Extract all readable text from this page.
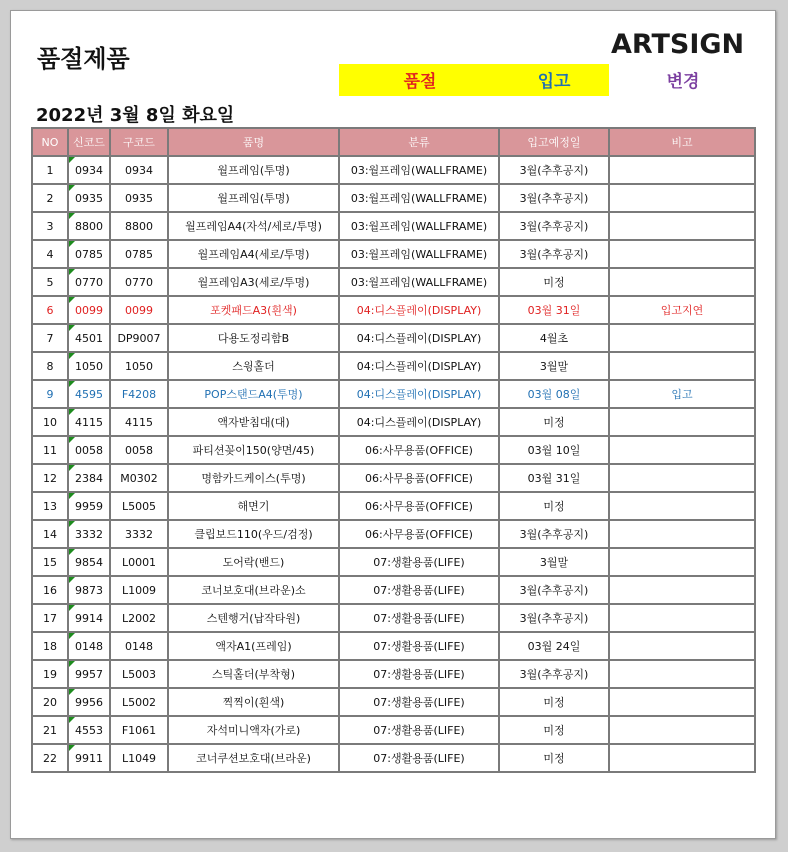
품절제품	ARTSIGN
품절	입고	변경
2022년 3월 8일 화요일
NO	신코드	구코드	품명	분류	입고예정일	비고
1	0934	0934	월프레임(투명)	03:월프레임(WALLFRAME)	3월(추후공지)	
2	0935	0935	월프레임(투명)	03:월프레임(WALLFRAME)	3월(추후공지)	
3	8800	8800	월프레임A4(자석/세로/투명)	03:월프레임(WALLFRAME)	3월(추후공지)	
4	0785	0785	월프레임A4(세로/투명)	03:월프레임(WALLFRAME)	3월(추후공지)	
5	0770	0770	월프레임A3(세로/투명)	03:월프레임(WALLFRAME)	미정	
6	0099	0099	포켓패드A3(흰색)	04:디스플레이(DISPLAY)	03월 31일	입고지연
7	4501	DP9007	다용도정리함B	04:디스플레이(DISPLAY)	4월초	
8	1050	1050	스윙홀더	04:디스플레이(DISPLAY)	3월말	
9	4595	F4208	POP스탠드A4(투명)	04:디스플레이(DISPLAY)	03월 08일	입고
10	4115	4115	액자받침대(대)	04:디스플레이(DISPLAY)	미정	
11	0058	0058	파티션꽂이150(양면/45)	06:사무용품(OFFICE)	03월 10일	
12	2384	M0302	명함카드케이스(투명)	06:사무용품(OFFICE)	03월 31일	
13	9959	L5005	해면기	06:사무용품(OFFICE)	미정	
14	3332	3332	클립보드110(우드/검정)	06:사무용품(OFFICE)	3월(추후공지)	
15	9854	L0001	도어락(밴드)	07:생활용품(LIFE)	3월말	
16	9873	L1009	코너보호대(브라운)소	07:생활용품(LIFE)	3월(추후공지)	
17	9914	L2002	스텐행거(납작타원)	07:생활용품(LIFE)	3월(추후공지)	
18	0148	0148	액자A1(프레임)	07:생활용품(LIFE)	03월 24일	
19	9957	L5003	스틱홀더(부착형)	07:생활용품(LIFE)	3월(추후공지)	
20	9956	L5002	찍찍이(흰색)	07:생활용품(LIFE)	미정	
21	4553	F1061	자석미니액자(가로)	07:생활용품(LIFE)	미정	
22	9911	L1049	코너쿠션보호대(브라운)	07:생활용품(LIFE)	미정	
